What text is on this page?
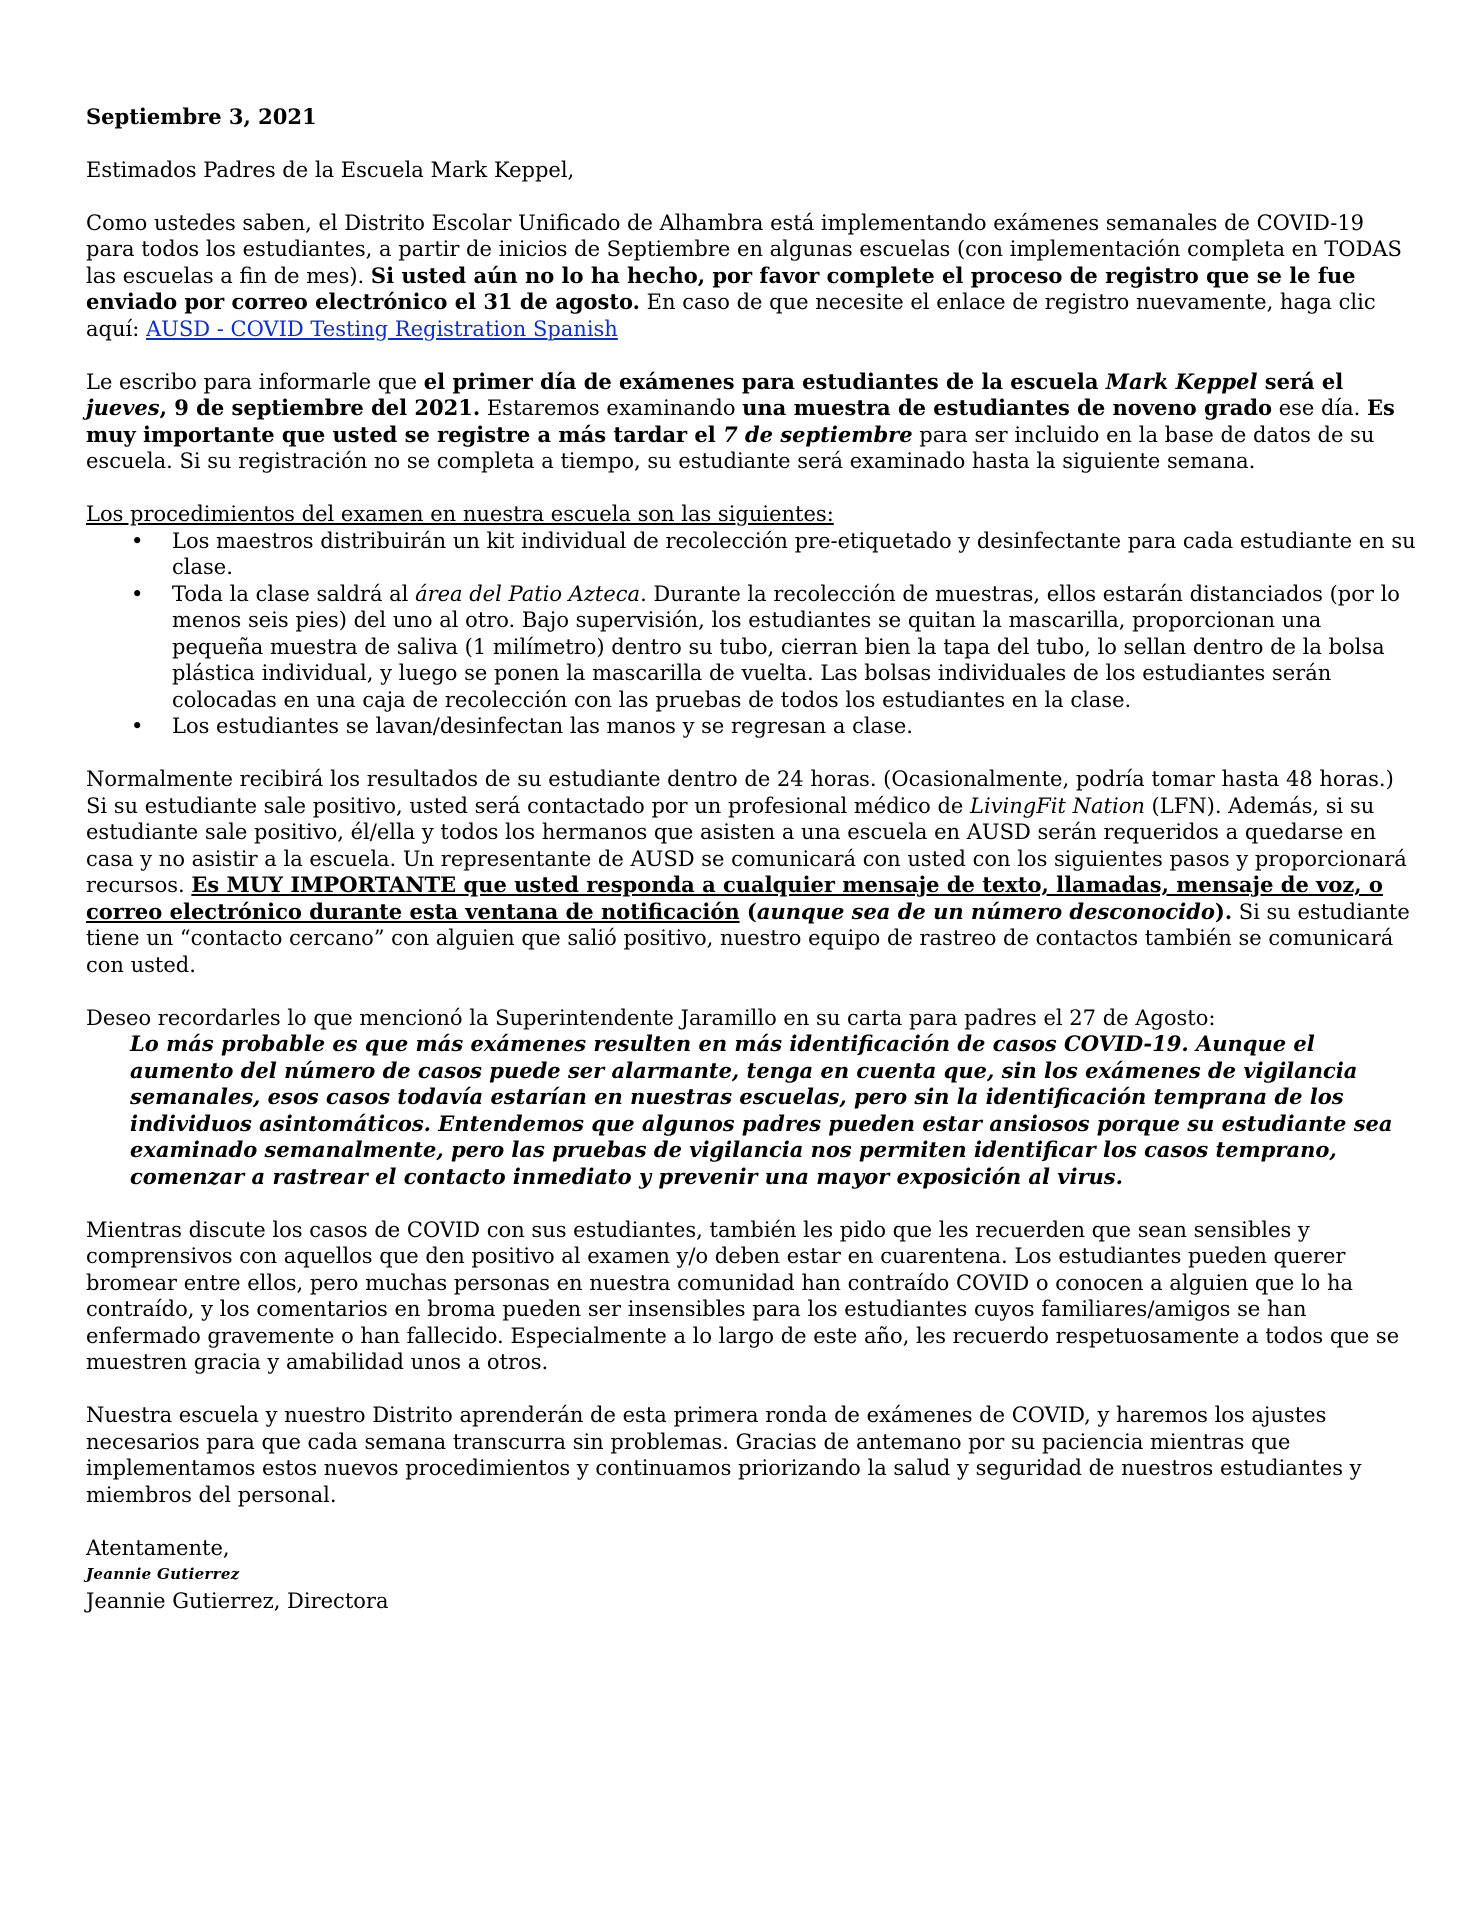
Septiembre 3, 2021

Estimados Padres de la Escuela Mark Keppel,

Como ustedes saben, el Distrito Escolar Unificado de Alhambra está implementando exámenes semanales de COVID-19 para todos los estudiantes, a partir de inicios de Septiembre en algunas escuelas (con implementación completa en TODAS las escuelas a fin de mes). Si usted aún no lo ha hecho, por favor complete el proceso de registro que se le fue enviado por correo electrónico el 31 de agosto. En caso de que necesite el enlace de registro nuevamente, haga clic aquí: AUSD - COVID Testing Registration Spanish

Le escribo para informarle que el primer día de exámenes para estudiantes de la escuela Mark Keppel será el jueves, 9 de septiembre del 2021. Estaremos examinando una muestra de estudiantes de noveno grado ese día. Es muy importante que usted se registre a más tardar el 7 de septiembre para ser incluido en la base de datos de su escuela. Si su registración no se completa a tiempo, su estudiante será examinado hasta la siguiente semana.

Los procedimientos del examen en nuestra escuela son las siguientes:

• Los maestros distribuirán un kit individual de recolección pre-etiquetado y desinfectante para cada estudiante en su clase.
• Toda la clase saldrá al área del Patio Azteca. Durante la recolección de muestras, ellos estarán distanciados (por lo menos seis pies) del uno al otro. Bajo supervisión, los estudiantes se quitan la mascarilla, proporcionan una pequeña muestra de saliva (1 milímetro) dentro su tubo, cierran bien la tapa del tubo, lo sellan dentro de la bolsa plástica individual, y luego se ponen la mascarilla de vuelta. Las bolsas individuales de los estudiantes serán colocadas en una caja de recolección con las pruebas de todos los estudiantes en la clase.
• Los estudiantes se lavan/desinfectan las manos y se regresan a clase.

Normalmente recibirá los resultados de su estudiante dentro de 24 horas. (Ocasionalmente, podría tomar hasta 48 horas.) Si su estudiante sale positivo, usted será contactado por un profesional médico de LivingFit Nation (LFN). Además, si su estudiante sale positivo, él/ella y todos los hermanos que asisten a una escuela en AUSD serán requeridos a quedarse en casa y no asistir a la escuela. Un representante de AUSD se comunicará con usted con los siguientes pasos y proporcionará recursos. Es MUY IMPORTANTE que usted responda a cualquier mensaje de texto, llamadas, mensaje de voz, o correo electrónico durante esta ventana de notificación (aunque sea de un número desconocido). Si su estudiante tiene un “contacto cercano” con alguien que salió positivo, nuestro equipo de rastreo de contactos también se comunicará con usted.

Deseo recordarles lo que mencionó la Superintendente Jaramillo en su carta para padres el 27 de Agosto:

Lo más probable es que más exámenes resulten en más identificación de casos COVID-19. Aunque el aumento del número de casos puede ser alarmante, tenga en cuenta que, sin los exámenes de vigilancia semanales, esos casos todavía estarían en nuestras escuelas, pero sin la identificación temprana de los individuos asintomáticos. Entendemos que algunos padres pueden estar ansiosos porque su estudiante sea examinado semanalmente, pero las pruebas de vigilancia nos permiten identificar los casos temprano, comenzar a rastrear el contacto inmediato y prevenir una mayor exposición al virus.

Mientras discute los casos de COVID con sus estudiantes, también les pido que les recuerden que sean sensibles y comprensivos con aquellos que den positivo al examen y/o deben estar en cuarentena. Los estudiantes pueden querer bromear entre ellos, pero muchas personas en nuestra comunidad han contraído COVID o conocen a alguien que lo ha contraído, y los comentarios en broma pueden ser insensibles para los estudiantes cuyos familiares/amigos se han enfermado gravemente o han fallecido. Especialmente a lo largo de este año, les recuerdo respetuosamente a todos que se muestren gracia y amabilidad unos a otros.

Nuestra escuela y nuestro Distrito aprenderán de esta primera ronda de exámenes de COVID, y haremos los ajustes necesarios para que cada semana transcurra sin problemas. Gracias de antemano por su paciencia mientras que implementamos estos nuevos procedimientos y continuamos priorizando la salud y seguridad de nuestros estudiantes y miembros del personal.

Atentamente,

Jeannie Gutierrez

Jeannie Gutierrez, Directora
